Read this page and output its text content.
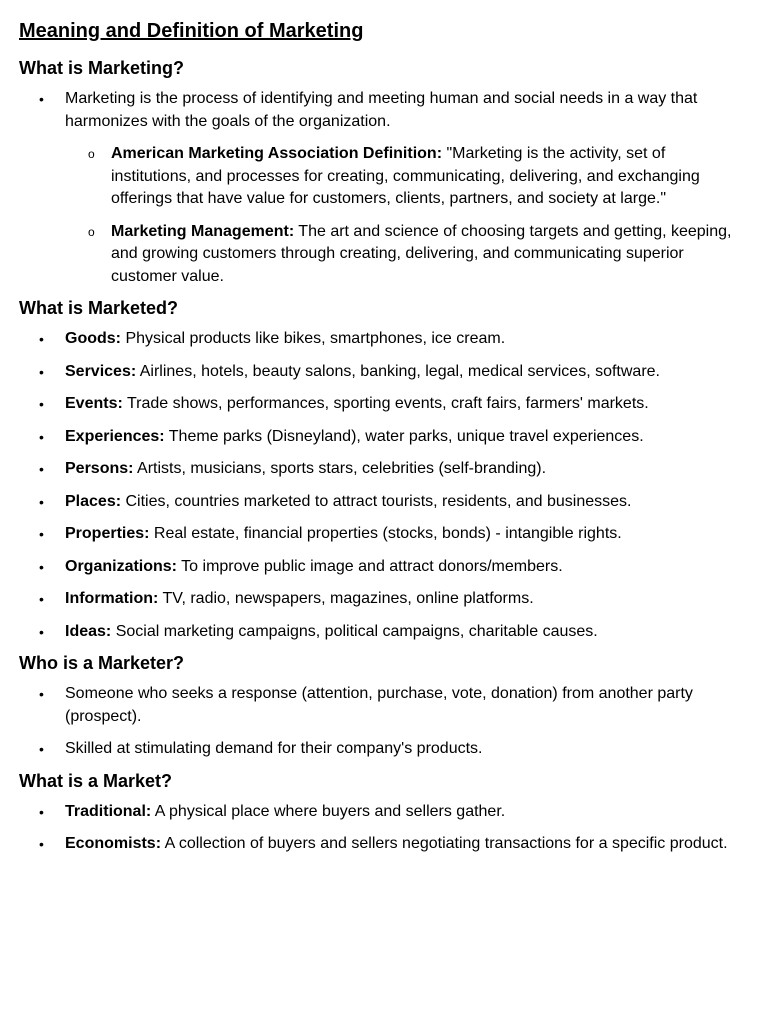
Meaning and Definition of Marketing
What is Marketing?
• Marketing is the process of identifying and meeting human and social needs in a way that harmonizes with the goals of the organization.
o American Marketing Association Definition: "Marketing is the activity, set of institutions, and processes for creating, communicating, delivering, and exchanging offerings that have value for customers, clients, partners, and society at large."
o Marketing Management: The art and science of choosing targets and getting, keeping, and growing customers through creating, delivering, and communicating superior customer value.
What is Marketed?
• Goods: Physical products like bikes, smartphones, ice cream.
• Services: Airlines, hotels, beauty salons, banking, legal, medical services, software.
• Events: Trade shows, performances, sporting events, craft fairs, farmers' markets.
• Experiences: Theme parks (Disneyland), water parks, unique travel experiences.
• Persons: Artists, musicians, sports stars, celebrities (self-branding).
• Places: Cities, countries marketed to attract tourists, residents, and businesses.
• Properties: Real estate, financial properties (stocks, bonds) - intangible rights.
• Organizations: To improve public image and attract donors/members.
• Information: TV, radio, newspapers, magazines, online platforms.
• Ideas: Social marketing campaigns, political campaigns, charitable causes.
Who is a Marketer?
• Someone who seeks a response (attention, purchase, vote, donation) from another party (prospect).
• Skilled at stimulating demand for their company's products.
What is a Market?
• Traditional: A physical place where buyers and sellers gather.
• Economists: A collection of buyers and sellers negotiating transactions for a specific product.
